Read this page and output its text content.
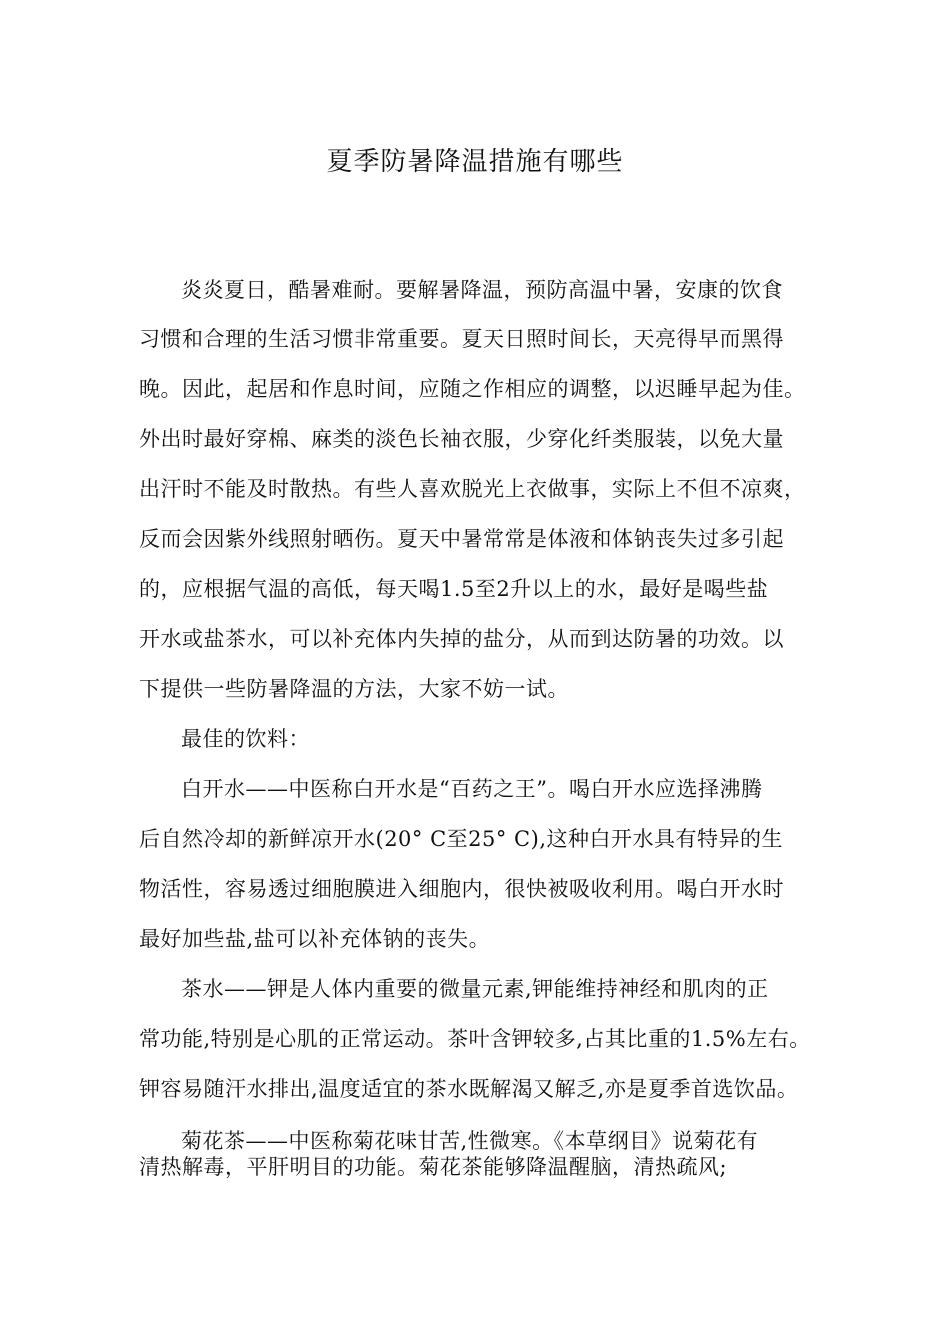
夏季防暑降温措施有哪些
炎炎夏日，酷暑难耐。要解暑降温，预防高温中暑，安康的饮食
习惯和合理的生活习惯非常重要。夏天日照时间长，天亮得早而黑得
晚。因此，起居和作息时间，应随之作相应的调整，以迟睡早起为佳。
外出时最好穿棉、麻类的淡色长袖衣服，少穿化纤类服装，以免大量
出汗时不能及时散热。有些人喜欢脱光上衣做事，实际上不但不凉爽，
反而会因紫外线照射晒伤。夏天中暑常常是体液和体钠丧失过多引起
的，应根据气温的高低，每天喝1.5至2升以上的水，最好是喝些盐
开水或盐茶水，可以补充体内失掉的盐分，从而到达防暑的功效。以
下提供一些防暑降温的方法，大家不妨一试。
最佳的饮料：
白开水——中医称白开水是“百药之王”。喝白开水应选择沸腾
后自然冷却的新鲜凉开水(20° C至25° C),这种白开水具有特异的生
物活性，容易透过细胞膜进入细胞内，很快被吸收利用。喝白开水时
最好加些盐,盐可以补充体钠的丧失。
茶水——钾是人体内重要的微量元素,钾能维持神经和肌肉的正
常功能,特别是心肌的正常运动。茶叶含钾较多,占其比重的1.5%左右。
钾容易随汗水排出,温度适宜的茶水既解渴又解乏,亦是夏季首选饮品。
菊花茶——中医称菊花味甘苦,性微寒。《本草纲目》说菊花有
清热解毒，平肝明目的功能。菊花茶能够降温醒脑，清热疏风;
